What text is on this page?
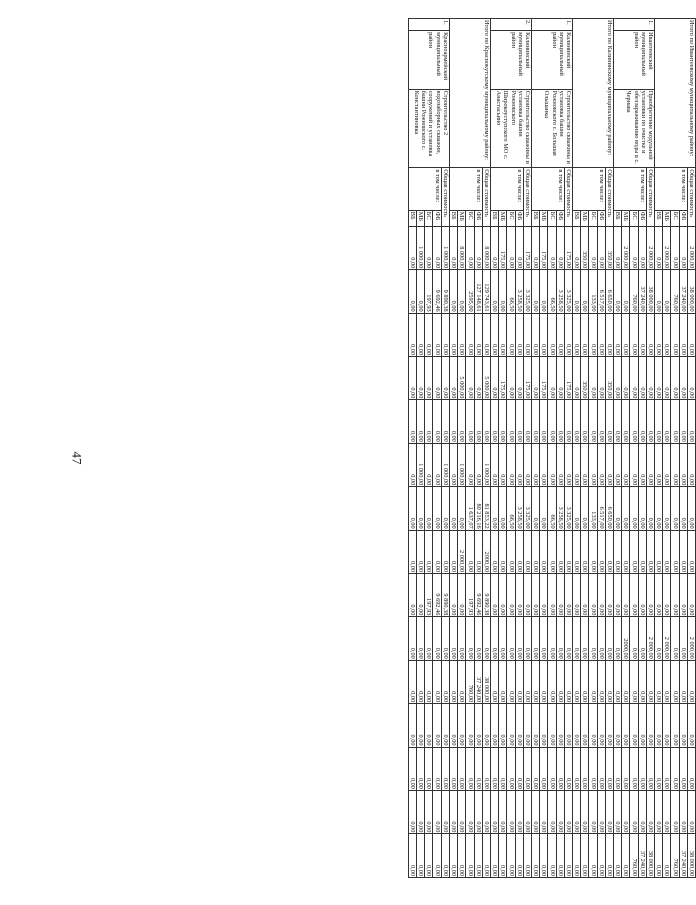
47
Итого по Ивантеевскому муниципальному району:			Общая стоимость		2 000,00	38 000,00	0,00	0,00	0,00	0,00	0,00	0,00	0,00	2 000,00	0,00	0,00	0,00	0,00	38 000,00
			в том числе:	ФБ	0,00	37 240,00	0,00	0,00	0,00	0,00	0,00	0,00	0,00	0,00	0,00	0,00	0,00	0,00	37 240,00
				БС	0,00	760,00	0,00	0,00	0,00	0,00	0,00	0,00	0,00	0,00	0,00	0,00	0,00	0,00	760,00
				МБ	2 000,00	0,00	0,00	0,00	0,00	0,00	0,00	0,00	0,00	2 000,00	0,00	0,00	0,00	0,00	0,00
				ВБ	0,00	0,00	0,00	0,00	0,00	0,00	0,00	0,00	0,00	0,00	0,00	0,00	0,00	0,00	0,00
1.	Ивантеевский муниципальный район	Приобретение модульной установки по очистке и обеззараживанию воды в с. Чернава	Общая стоимость		2 000,00	38 000,00	0,00	0,00	0,00	0,00	0,00	0,00	0,00	2 000,00	0,00	0,00	0,00	0,00	38 000,00
			в том числе:	ФБ	0,00	37 240,00	0,00	0,00	0,00	0,00	0,00	0,00	0,00	0,00	0,00	0,00	0,00	0,00	37 240,00
				БС	0,00	760,00	0,00	0,00	0,00	0,00	0,00	0,00	0,00	0,00	0,00	0,00	0,00	0,00	760,00
				МБ	2 000,00	0,00	0,00	0,00	0,00	0,00	0,00	0,00	0,00	2000,00	0,00	0,00	0,00	0,00	0,00
				ВБ	0,00	0,00	0,00	0,00	0,00	0,00	0,00	0,00	0,00	0,00	0,00	0,00	0,00	0,00	0,00
Итого по Калининскому муниципальному району:			Общая стоимость		350,00	6 650,00	0,00	350,00	0,00	0,00	6 650,00	0,00	0,00	0,00	0,00	0,00	0,00	0,00	0,00
			в том числе:	ФБ	0,00	6 517,00	0,00	0,00	0,00	0,00	6 517,00	0,00	0,00	0,00	0,00	0,00	0,00	0,00	0,00
				БС	0,00	133,00	0,00	0,00	0,00	0,00	133,00	0,00	0,00	0,00	0,00	0,00	0,00	0,00	0,00
				МБ	350,00	0,00	0,00	350,00	0,00	0,00	0,00	0,00	0,00	0,00	0,00	0,00	0,00	0,00	0,00
				ВБ	0,00	0,00	0,00	0,00	0,00	0,00	0,00	0,00	0,00	0,00	0,00	0,00	0,00	0,00	0,00
1.	Калининский муниципальный район	Строительство скважины и установка башни Рожновского с. Большая Ольшанка	Общая стоимость		175,00	3 325,00	0,00	175,00	0,00	0,00	3 325,00	0,00	0,00	0,00	0,00	0,00	0,00	0,00	0,00
			в том числе:	ФБ	0,00	3 258,50	0,00	0,00	0,00	0,00	3 258,50	0,00	0,00	0,00	0,00	0,00	0,00	0,00	0,00
				БС	0,00	66,50	0,00	0,00	0,00	0,00	66,50	0,00	0,00	0,00	0,00	0,00	0,00	0,00	0,00
				МБ	175,00	0,00	0,00	175,00	0,00	0,00	0,00	0,00	0,00	0,00	0,00	0,00	0,00	0,00	0,00
				ВБ	0,00	0,00	0,00	0,00	0,00	0,00	0,00	0,00	0,00	0,00	0,00	0,00	0,00	0,00	0,00
2.	Калининский муниципальный район	Строительство скважины и установка башни Рожновского Широкоуступского МО с. Анастасьино	Общая стоимость		175,00	3 325,00	0,00	175,00	0,00	0,00	3 325,00	0,00	0,00	0,00	0,00	0,00	0,00	0,00	0,00
			в том числе:	ФБ	0,00	3 258,50	0,00	0,00	0,00	0,00	3 258,50	0,00	0,00	0,00	0,00	0,00	0,00	0,00	0,00
				БС	0,00	66,50	0,00	0,00	0,00	0,00	66,50	0,00	0,00	0,00	0,00	0,00	0,00	0,00	0,00
				МБ	175,00	0,00	0,00	175,00	0,00	0,00	0,00	0,00	0,00	0,00	0,00	0,00	0,00	0,00	0,00
				ВБ	0,00	0,00	0,00	0,00	0,00	0,00	0,00	0,00	0,00	0,00	0,00	0,00	0,00	0,00	0,00
Итого по Краснокутскому муниципальному району:			Общая стоимость		8 000,00	129 743,61	0,00	5 000,00	0,00	1 000,00	81 853,22	2000,00	9 890,38	0,00	38 000,00	0,00	0,00	0,00	0,00
			в том числе:	ФБ	0,00	127 148,61	0,00	0,00	0,00	0,00	80 216,16	0,00	9 692,46	0,00	37 240,00	0,00	0,00	0,00	0,00
				БС	0,00	2595,00	0,00	0,00	0,00	0,00	1 637,07	0,00	197,93	0,00	760,00	0,00	0,00	0,00	0,00
				МБ	8 000,00	0,00	0,00	5 000,00	0,00	1 000,00	0,00	2 000,00	0,00	0,00	0,00	0,00	0,00	0,00	0,00
				ВБ	0,00	0,00	0,00	0,00	0,00	0,00	0,00	0,00	0,00	0,00	0,00	0,00	0,00	0,00	0,00
1.	Красноармейский муниципальный район	Строительство 2 водозаборных скважин, сооружений и установка башни Рожновского с. Константиновка	Общая стоимость		1 000,00	9 890,38	0,00	0,00	0,00	1 000,00	0,00	0,00	9 890,38	0,00	0,00	0,00	0,00	0,00	0,00
			в том числе:	ФБ	0,00	9 692,46	0,00	0,00	0,00	0,00	0,00	0,00	9 692,46	0,00	0,00	0,00	0,00	0,00	0,00
				БС	0,00	197,93	0,00	0,00	0,00	0,00	0,00	0,00	197,93	0,00	0,00	0,00	0,00	0,00	0,00
				МБ	1 000,00	0,00	0,00	0,00	0,00	1 000,00	0,00	0,00	0,00	0,00	0,00	0,00	0,00	0,00	0,00
				ВБ	0,00	0,00	0,00	0,00	0,00	0,00	0,00	0,00	0,00	0,00	0,00	0,00	0,00	0,00	0,00
